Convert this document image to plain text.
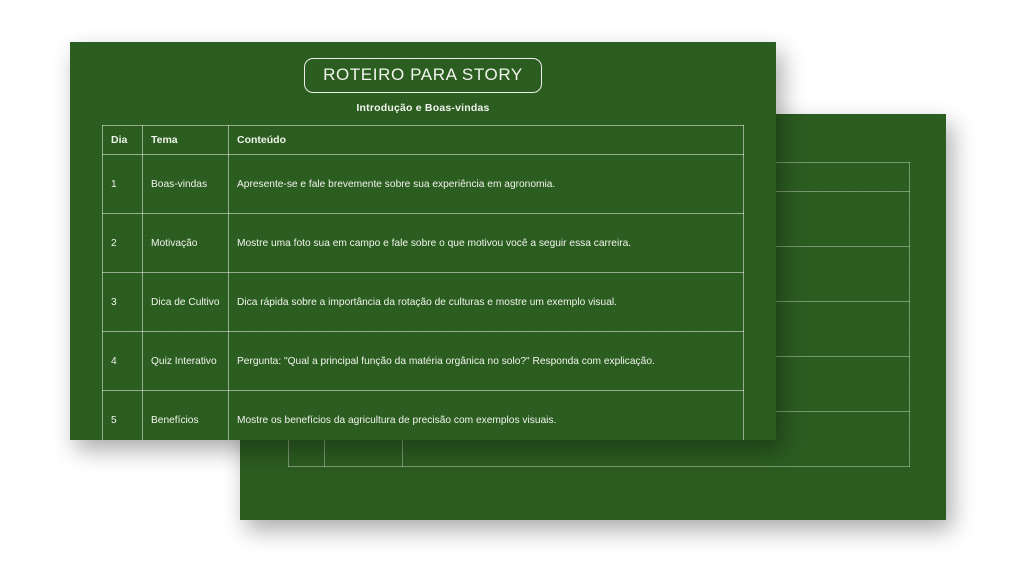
ROTEIRO PARA STORY
Introdução e Boas-vindas
Dia	Tema	Conteúdo
1	Boas-vindas	Apresente-se e fale brevemente sobre sua experiência em agronomia.
2	Motivação	Mostre uma foto sua em campo e fale sobre o que motivou você a seguir essa carreira.
3	Dica de Cultivo	Dica rápida sobre a importância da rotação de culturas e mostre um exemplo visual.
4	Quiz Interativo	Pergunta: "Qual a principal função da matéria orgânica no solo?" Responda com explicação.
5	Benefícios	Mostre os benefícios da agricultura de precisão com exemplos visuais.
